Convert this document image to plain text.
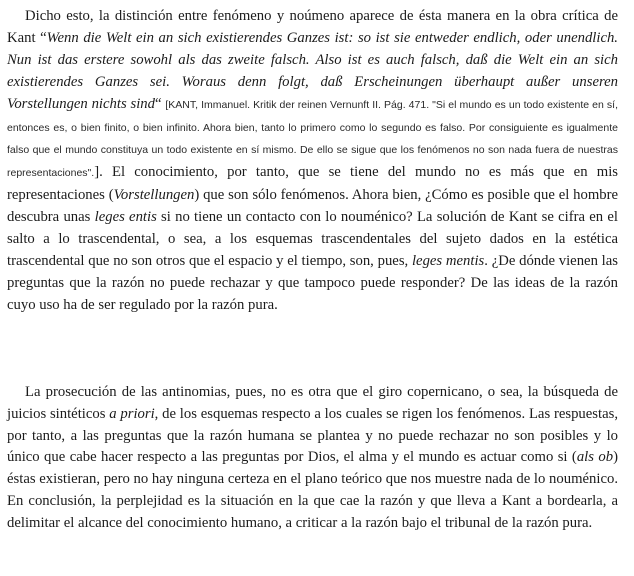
Dicho esto, la distinción entre fenómeno y noúmeno aparece de ésta manera en la obra crítica de Kant “Wenn die Welt ein an sich existierendes Ganzes ist: so ist sie entweder endlich, oder unendlich. Nun ist das erstere sowohl als das zweite falsch. Also ist es auch falsch, daß die Welt ein an sich existierendes Ganzes sei. Woraus denn folgt, daß Erscheinungen überhaupt außer unseren Vorstellungen nichts sind“ [KANT, Immanuel. Kritik der reinen Vernunft II. Pág. 471. "Si el mundo es un todo existente en sí, entonces es, o bien finito, o bien infinito. Ahora bien, tanto lo primero como lo segundo es falso. Por consiguiente es igualmente falso que el mundo constituya un todo existente en sí mismo. De ello se sigue que los fenómenos no son nada fuera de nuestras representaciones".]. El conocimiento, por tanto, que se tiene del mundo no es más que en mis representaciones (Vorstellungen) que son sólo fenómenos. Ahora bien, ¿Cómo es posible que el hombre descubra unas leges entis si no tiene un contacto con lo nouménico? La solución de Kant se cifra en el salto a lo trascendental, o sea, a los esquemas trascendentales del sujeto dados en la estética trascendental que no son otros que el espacio y el tiempo, son, pues, leges mentis. ¿De dónde vienen las preguntas que la razón no puede rechazar y que tampoco puede responder? De las ideas de la razón cuyo uso ha de ser regulado por la razón pura.

La prosecución de las antinomias, pues, no es otra que el giro copernicano, o sea, la búsqueda de juicios sintéticos a priori, de los esquemas respecto a los cuales se rigen los fenómenos. Las respuestas, por tanto, a las preguntas que la razón humana se plantea y no puede rechazar no son posibles y lo único que cabe hacer respecto a las preguntas por Dios, el alma y el mundo es actuar como si (als ob) éstas existieran, pero no hay ninguna certeza en el plano teórico que nos muestre nada de lo nouménico. En conclusión, la perplejidad es la situación en la que cae la razón y que lleva a Kant a bordearla, a delimitar el alcance del conocimiento humano, a criticar a la razón bajo el tribunal de la razón pura.
